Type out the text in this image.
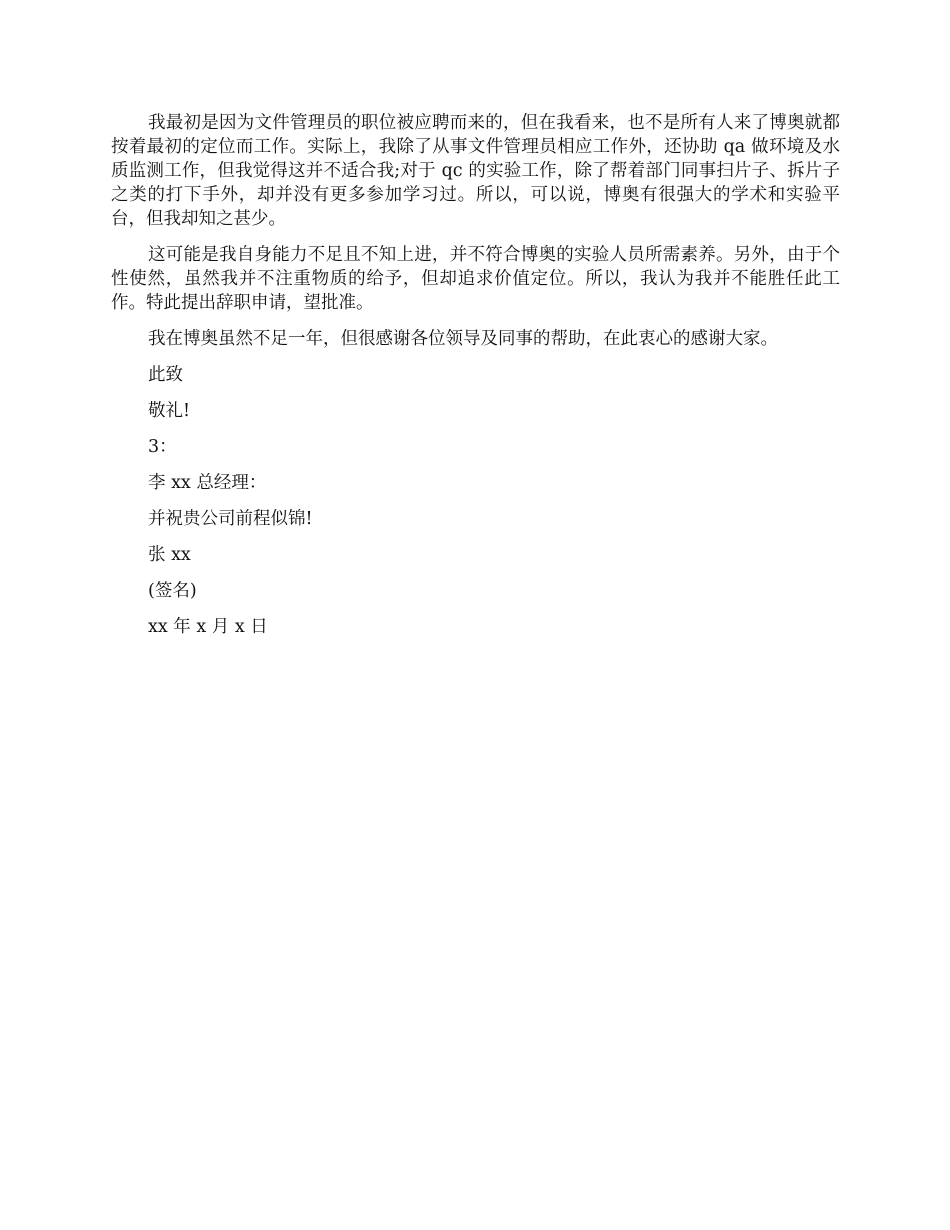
我最初是因为文件管理员的职位被应聘而来的，但在我看来，也不是所有人来了博奥就都按着最初的定位而工作。实际上，我除了从事文件管理员相应工作外，还协助 qa 做环境及水质监测工作，但我觉得这并不适合我;对于 qc 的实验工作，除了帮着部门同事扫片子、拆片子之类的打下手外，却并没有更多参加学习过。所以，可以说，博奥有很强大的学术和实验平台，但我却知之甚少。

这可能是我自身能力不足且不知上进，并不符合博奥的实验人员所需素养。另外，由于个性使然，虽然我并不注重物质的给予，但却追求价值定位。所以，我认为我并不能胜任此工作。特此提出辞职申请，望批准。

我在博奥虽然不足一年，但很感谢各位领导及同事的帮助，在此衷心的感谢大家。

此致
敬礼!
3：
李 xx 总经理：
并祝贵公司前程似锦!
张 xx
(签名)
xx 年 x 月 x 日
